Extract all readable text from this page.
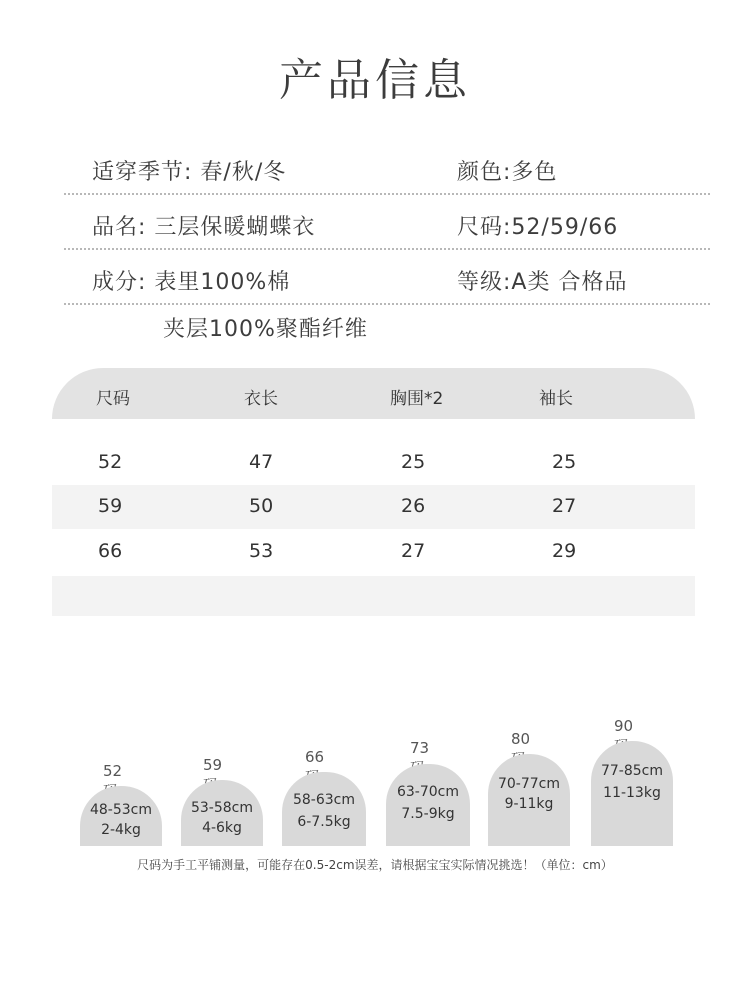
产品信息
适穿季节: 春/秋/冬	颜色:多色
品名: 三层保暖蝴蝶衣	尺码:52/59/66
成分: 表里100%棉	等级:A类 合格品
夹层100%聚酯纤维
尺码	衣长	胸围*2	袖长
52	47	25	25
59	50	26	27
66	53	27	29
52
48-53cm
2-4kg
59
53-58cm
4-6kg
66
58-63cm
6-7.5kg
73
63-70cm
7.5-9kg
80
70-77cm
9-11kg
90
77-85cm
11-13kg
尺码为手工平铺测量，可能存在0.5-2cm误差，请根据宝宝实际情况挑选！（单位：cm）
